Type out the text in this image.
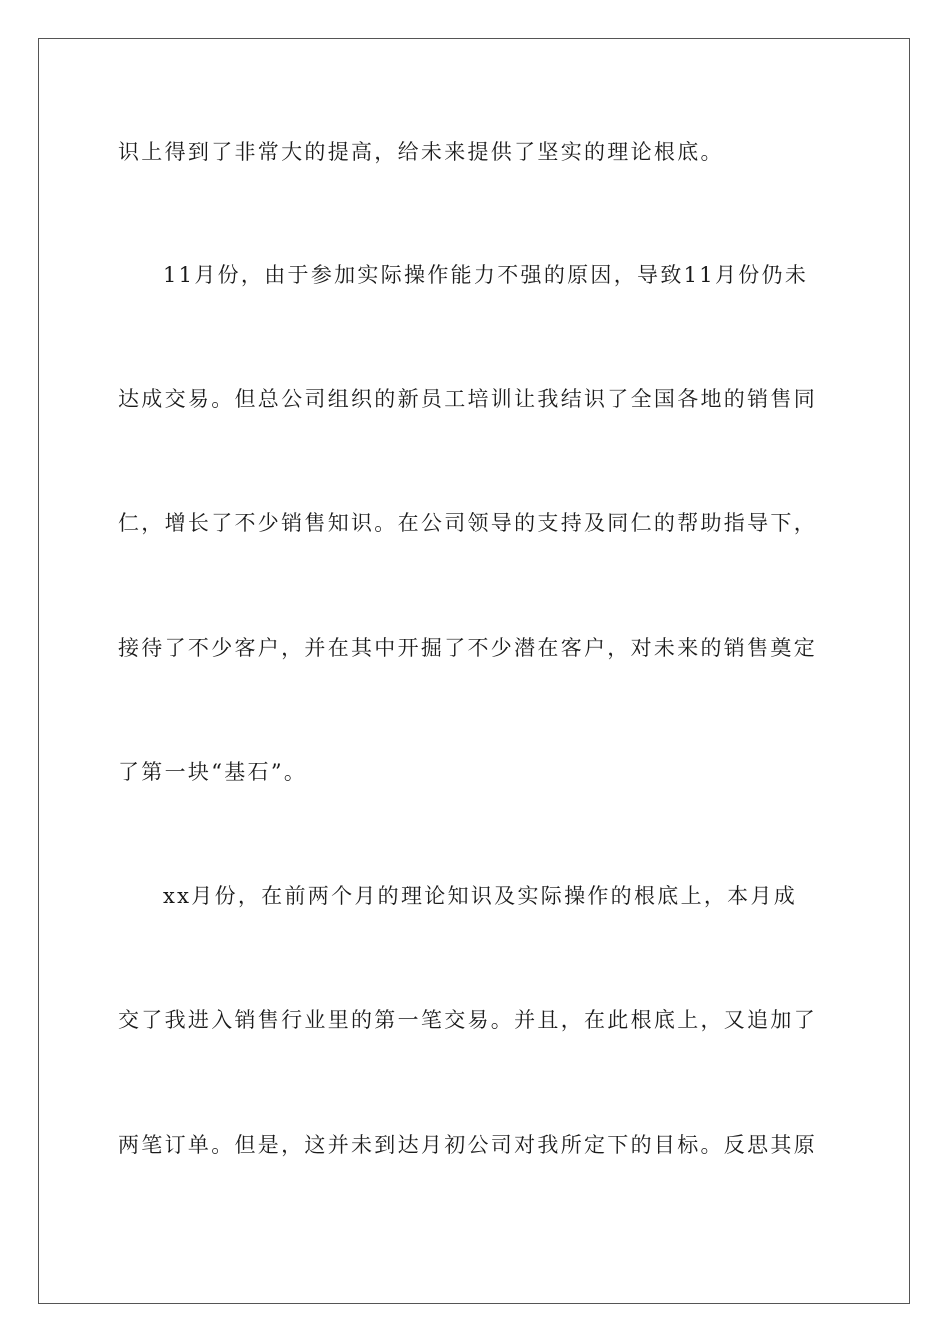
识上得到了非常大的提高，给未来提供了坚实的理论根底。
11月份，由于参加实际操作能力不强的原因，导致11月份仍未
达成交易。但总公司组织的新员工培训让我结识了全国各地的销售同
仁，增长了不少销售知识。在公司领导的支持及同仁的帮助指导下，
接待了不少客户，并在其中开掘了不少潜在客户，对未来的销售奠定
了第一块“基石”。
xx月份，在前两个月的理论知识及实际操作的根底上，本月成
交了我进入销售行业里的第一笔交易。并且，在此根底上，又追加了
两笔订单。但是，这并未到达月初公司对我所定下的目标。反思其原
